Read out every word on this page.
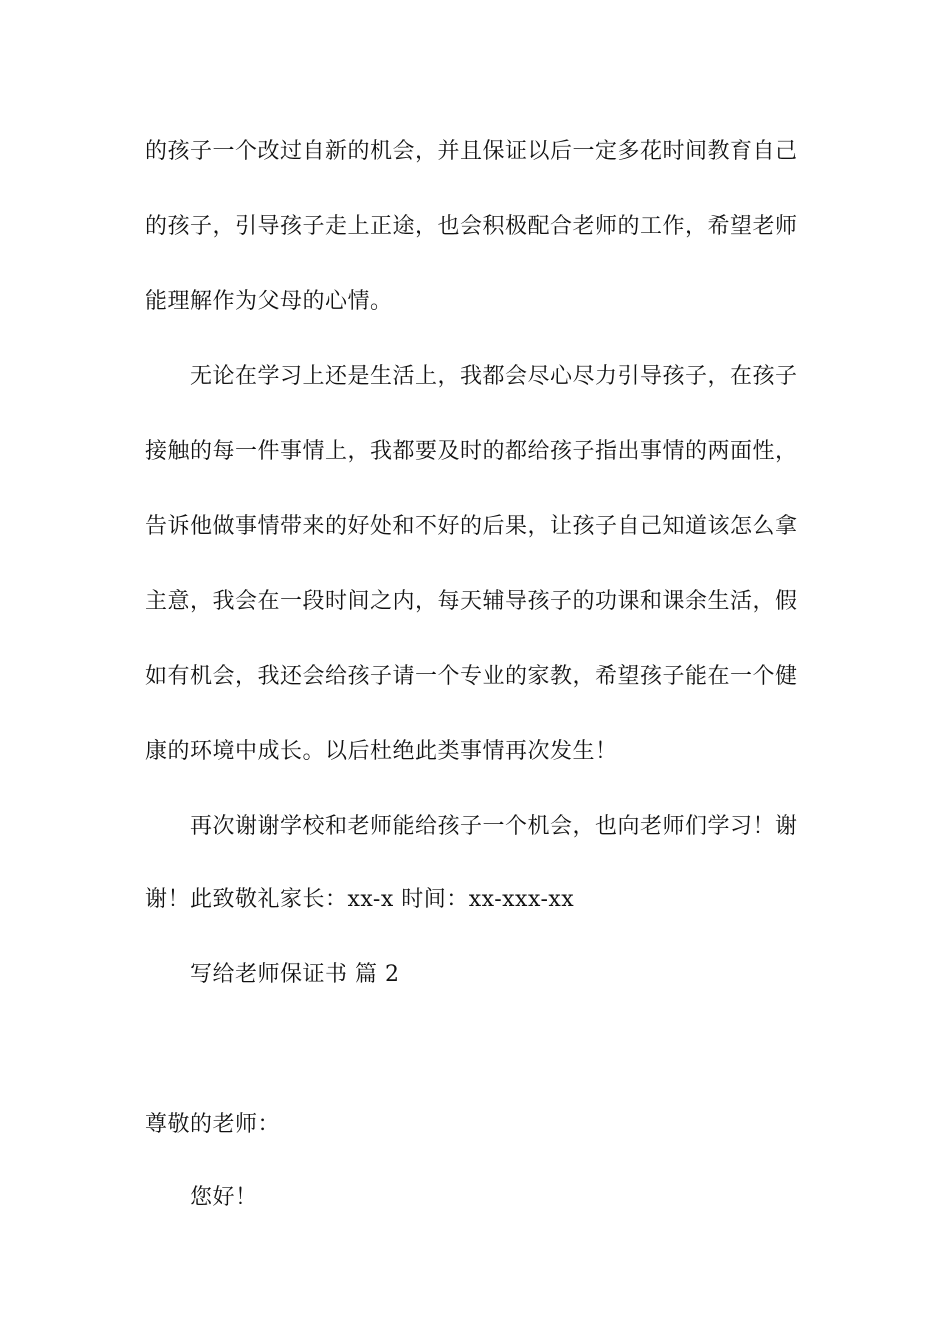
的孩子一个改过自新的机会，并且保证以后一定多花时间教育自己
的孩子，引导孩子走上正途，也会积极配合老师的工作，希望老师
能理解作为父母的心情。
无论在学习上还是生活上，我都会尽心尽力引导孩子，在孩子
接触的每一件事情上，我都要及时的都给孩子指出事情的两面性，
告诉他做事情带来的好处和不好的后果，让孩子自己知道该怎么拿
主意，我会在一段时间之内，每天辅导孩子的功课和课余生活，假
如有机会，我还会给孩子请一个专业的家教，希望孩子能在一个健
康的环境中成长。以后杜绝此类事情再次发生！
再次谢谢学校和老师能给孩子一个机会，也向老师们学习！谢
谢！此致敬礼家长：xx-x 时间：xx-xxx-xx
写给老师保证书 篇 2
尊敬的老师：
您好！
